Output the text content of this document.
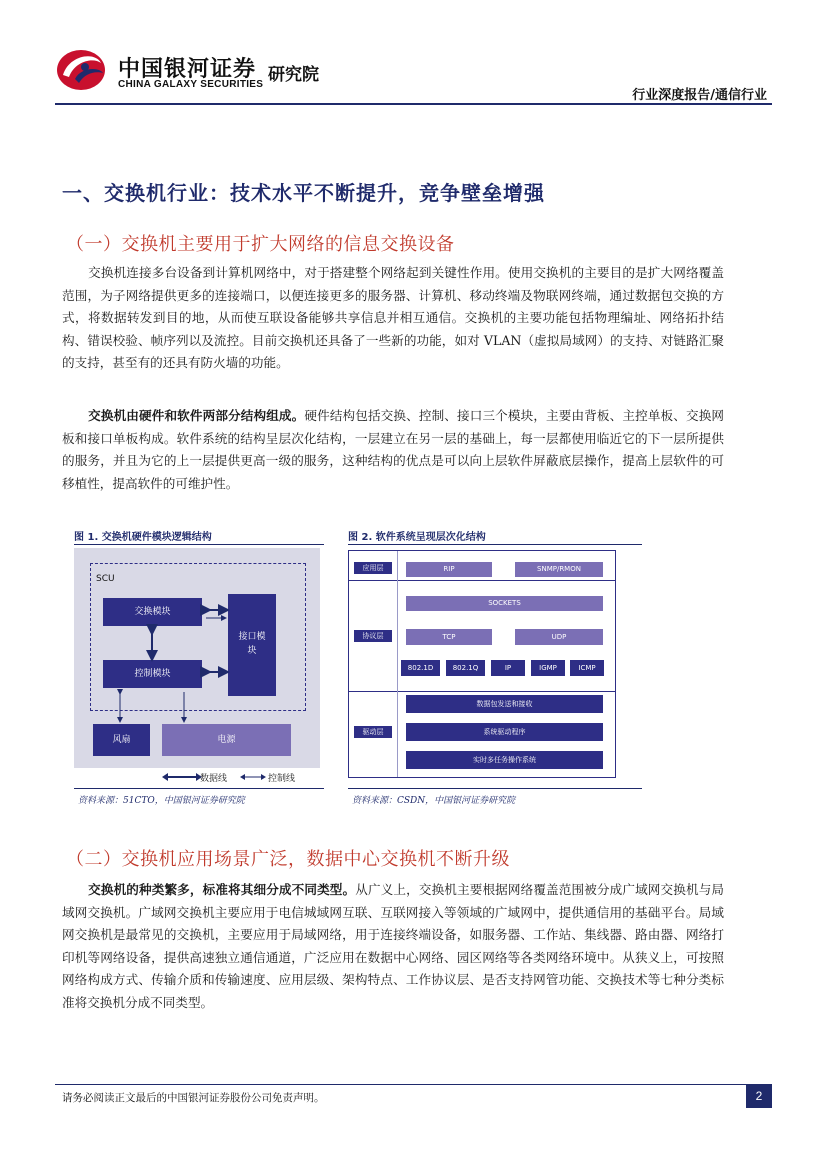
中国银河证券
CHINA GALAXY SECURITIES 研究院
行业深度报告/通信行业
一、交换机行业：技术水平不断提升，竞争壁垒增强
（一）交换机主要用于扩大网络的信息交换设备
交换机连接多台设备到计算机网络中，对于搭建整个网络起到关键性作用。使用交换机的主要目的是扩大网络覆盖范围，为子网络提供更多的连接端口，以便连接更多的服务器、计算机、移动终端及物联网终端，通过数据包交换的方式，将数据转发到目的地，从而使互联设备能够共享信息并相互通信。交换机的主要功能包括物理编址、网络拓扑结构、错误校验、帧序列以及流控。目前交换机还具备了一些新的功能，如对 VLAN（虚拟局域网）的支持、对链路汇聚的支持，甚至有的还具有防火墙的功能。
交换机由硬件和软件两部分结构组成。硬件结构包括交换、控制、接口三个模块，主要由背板、主控单板、交换网板和接口单板构成。软件系统的结构呈层次化结构，一层建立在另一层的基础上，每一层都使用临近它的下一层所提供的服务，并且为它的上一层提供更高一级的服务，这种结构的优点是可以向上层软件屏蔽底层操作，提高上层软件的可移植性，提高软件的可维护性。
图 1. 交换机硬件模块逻辑结构
SCU
交换模块
控制模块
接口模块
风扇	电源
数据线	控制线
资料来源：51CTO，中国银河证券研究院
图 2. 软件系统呈现层次化结构
应用层
协议层
驱动层
RIP	SNMP/RMON
SOCKETS
TCP	UDP
802.1D	802.1Q	IP	IGMP	ICMP
数据包发送和接收
系统驱动程序
实时多任务操作系统
资料来源：CSDN，中国银河证券研究院
（二）交换机应用场景广泛，数据中心交换机不断升级
交换机的种类繁多，标准将其细分成不同类型。从广义上，交换机主要根据网络覆盖范围被分成广域网交换机与局域网交换机。广域网交换机主要应用于电信城域网互联、互联网接入等领域的广域网中，提供通信用的基础平台。局域网交换机是最常见的交换机，主要应用于局域网络，用于连接终端设备，如服务器、工作站、集线器、路由器、网络打印机等网络设备，提供高速独立通信通道，广泛应用在数据中心网络、园区网络等各类网络环境中。从狭义上，可按照网络构成方式、传输介质和传输速度、应用层级、架构特点、工作协议层、是否支持网管功能、交换技术等七种分类标准将交换机分成不同类型。
请务必阅读正文最后的中国银河证券股份公司免责声明。	2
